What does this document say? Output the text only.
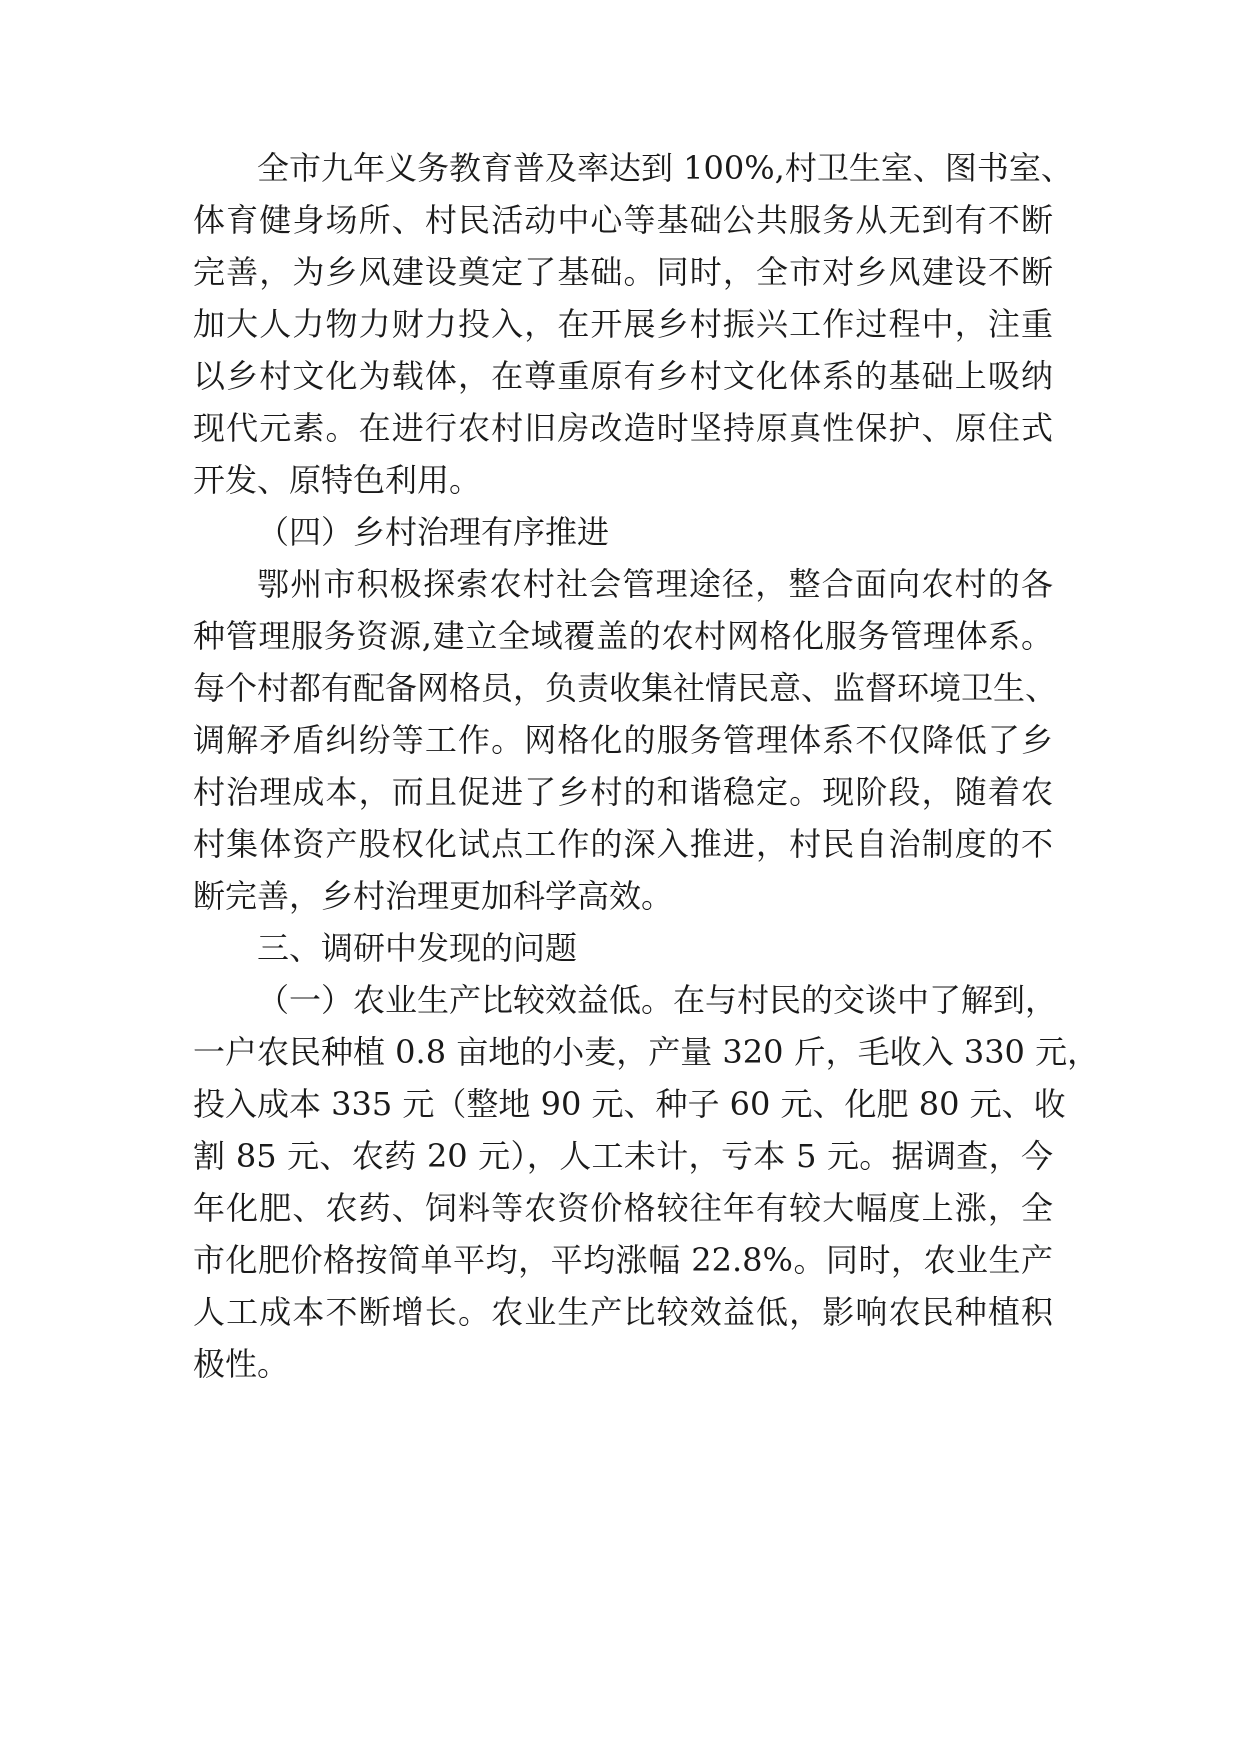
全市九年义务教育普及率达到 100%,村卫生室、图书室、
体育健身场所、村民活动中心等基础公共服务从无到有不断
完善，为乡风建设奠定了基础。同时，全市对乡风建设不断
加大人力物力财力投入，在开展乡村振兴工作过程中，注重
以乡村文化为载体，在尊重原有乡村文化体系的基础上吸纳
现代元素。在进行农村旧房改造时坚持原真性保护、原住式
开发、原特色利用。
（四）乡村治理有序推进
鄂州市积极探索农村社会管理途径，整合面向农村的各
种管理服务资源,建立全域覆盖的农村网格化服务管理体系。
每个村都有配备网格员，负责收集社情民意、监督环境卫生、
调解矛盾纠纷等工作。网格化的服务管理体系不仅降低了乡
村治理成本，而且促进了乡村的和谐稳定。现阶段，随着农
村集体资产股权化试点工作的深入推进，村民自治制度的不
断完善，乡村治理更加科学高效。
三、调研中发现的问题
（一）农业生产比较效益低。在与村民的交谈中了解到，
一户农民种植 0.8 亩地的小麦，产量 320 斤，毛收入 330 元，
投入成本 335 元（整地 90 元、种子 60 元、化肥 80 元、收
割 85 元、农药 20 元），人工未计，亏本 5 元。据调查，今
年化肥、农药、饲料等农资价格较往年有较大幅度上涨，全
市化肥价格按简单平均，平均涨幅 22.8%。同时，农业生产
人工成本不断增长。农业生产比较效益低，影响农民种植积
极性。
